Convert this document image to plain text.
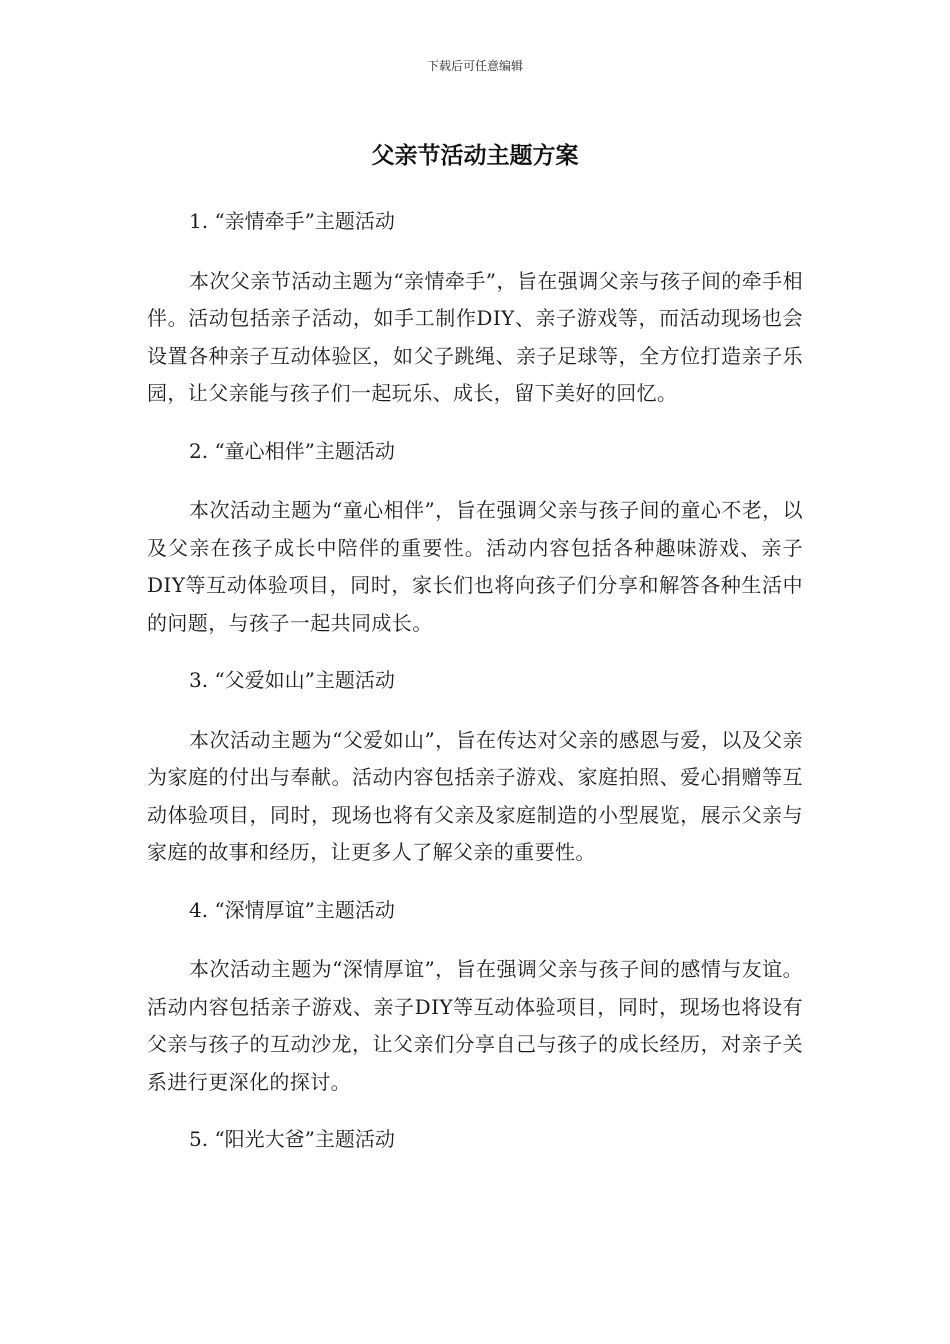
下载后可任意编辑
父亲节活动主题方案

1. “亲情牵手”主题活动

本次父亲节活动主题为“亲情牵手”，旨在强调父亲与孩子间的牵手相伴。活动包括亲子活动，如手工制作DIY、亲子游戏等，而活动现场也会设置各种亲子互动体验区，如父子跳绳、亲子足球等，全方位打造亲子乐园，让父亲能与孩子们一起玩乐、成长，留下美好的回忆。

2. “童心相伴”主题活动

本次活动主题为“童心相伴”，旨在强调父亲与孩子间的童心不老，以及父亲在孩子成长中陪伴的重要性。活动内容包括各种趣味游戏、亲子DIY等互动体验项目，同时，家长们也将向孩子们分享和解答各种生活中的问题，与孩子一起共同成长。

3. “父爱如山”主题活动

本次活动主题为“父爱如山”，旨在传达对父亲的感恩与爱，以及父亲为家庭的付出与奉献。活动内容包括亲子游戏、家庭拍照、爱心捐赠等互动体验项目，同时，现场也将有父亲及家庭制造的小型展览，展示父亲与家庭的故事和经历，让更多人了解父亲的重要性。

4. “深情厚谊”主题活动

本次活动主题为“深情厚谊”，旨在强调父亲与孩子间的感情与友谊。活动内容包括亲子游戏、亲子DIY等互动体验项目，同时，现场也将设有父亲与孩子的互动沙龙，让父亲们分享自己与孩子的成长经历，对亲子关系进行更深化的探讨。

5. “阳光大爸”主题活动
